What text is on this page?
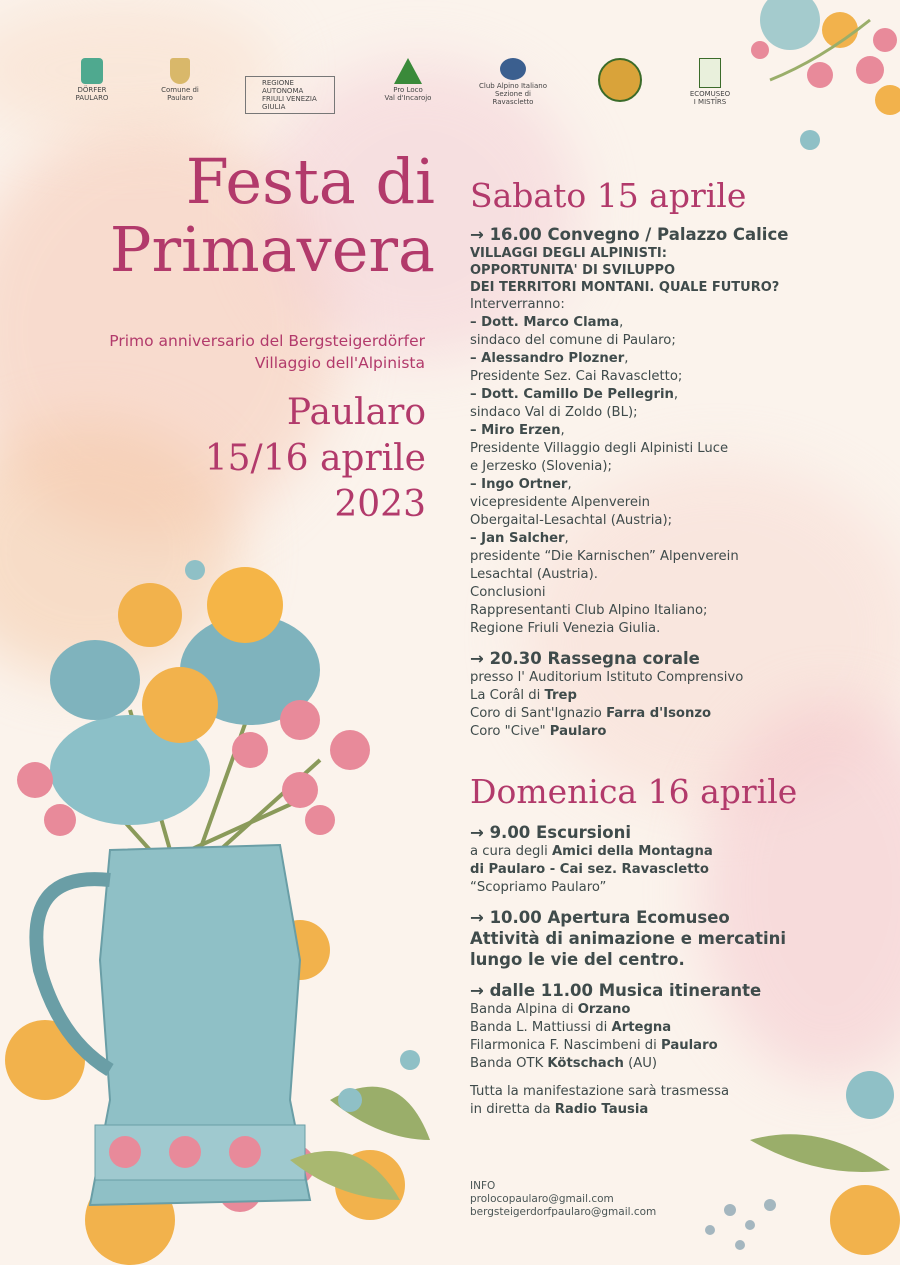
DÖRFER
PAULARO
Comune di
Paularo
REGIONE AUTONOMA
FRIULI VENEZIA GIULIA
Pro Loco
Val d'Incarojo
Club Alpino Italiano
Sezione di Ravascletto
ECOMUSEO
I MISTÎRS
Festa di
Primavera
Primo anniversario del Bergsteigerdörfer
Villaggio dell'Alpinista
Paularo
15/16 aprile
2023
Sabato 15 aprile
→ 16.00 Convegno / Palazzo Calice
VILLAGGI DEGLI ALPINISTI:
OPPORTUNITA' DI SVILUPPO
DEI TERRITORI MONTANI. QUALE FUTURO?
Interverranno:
– Dott. Marco Clama,
sindaco del comune di Paularo;
– Alessandro Plozner,
Presidente Sez. Cai Ravascletto;
– Dott. Camillo De Pellegrin,
sindaco Val di Zoldo (BL);
– Miro Erzen,
Presidente Villaggio degli Alpinisti Luce
e Jerzesko (Slovenia);
– Ingo Ortner,
vicepresidente Alpenverein
Obergaital-Lesachtal (Austria);
– Jan Salcher,
presidente “Die Karnischen” Alpenverein
Lesachtal (Austria).
Conclusioni
Rappresentanti Club Alpino Italiano;
Regione Friuli Venezia Giulia.
→ 20.30 Rassegna corale
presso l' Auditorium Istituto Comprensivo
La Corâl di Trep
Coro di Sant'Ignazio Farra d'Isonzo
Coro "Cive" Paularo
Domenica 16 aprile
→ 9.00 Escursioni
a cura degli Amici della Montagna
di Paularo - Cai sez. Ravascletto
“Scopriamo Paularo”
→ 10.00 Apertura Ecomuseo
Attività di animazione e mercatini
lungo le vie del centro.
→ dalle 11.00 Musica itinerante
Banda Alpina di Orzano
Banda L. Mattiussi di Artegna
Filarmonica F. Nascimbeni di Paularo
Banda OTK Kötschach (AU)
Tutta la manifestazione sarà trasmessa
in diretta da Radio Tausia
INFO
prolocopaularo@gmail.com
bergsteigerdorfpaularo@gmail.com
